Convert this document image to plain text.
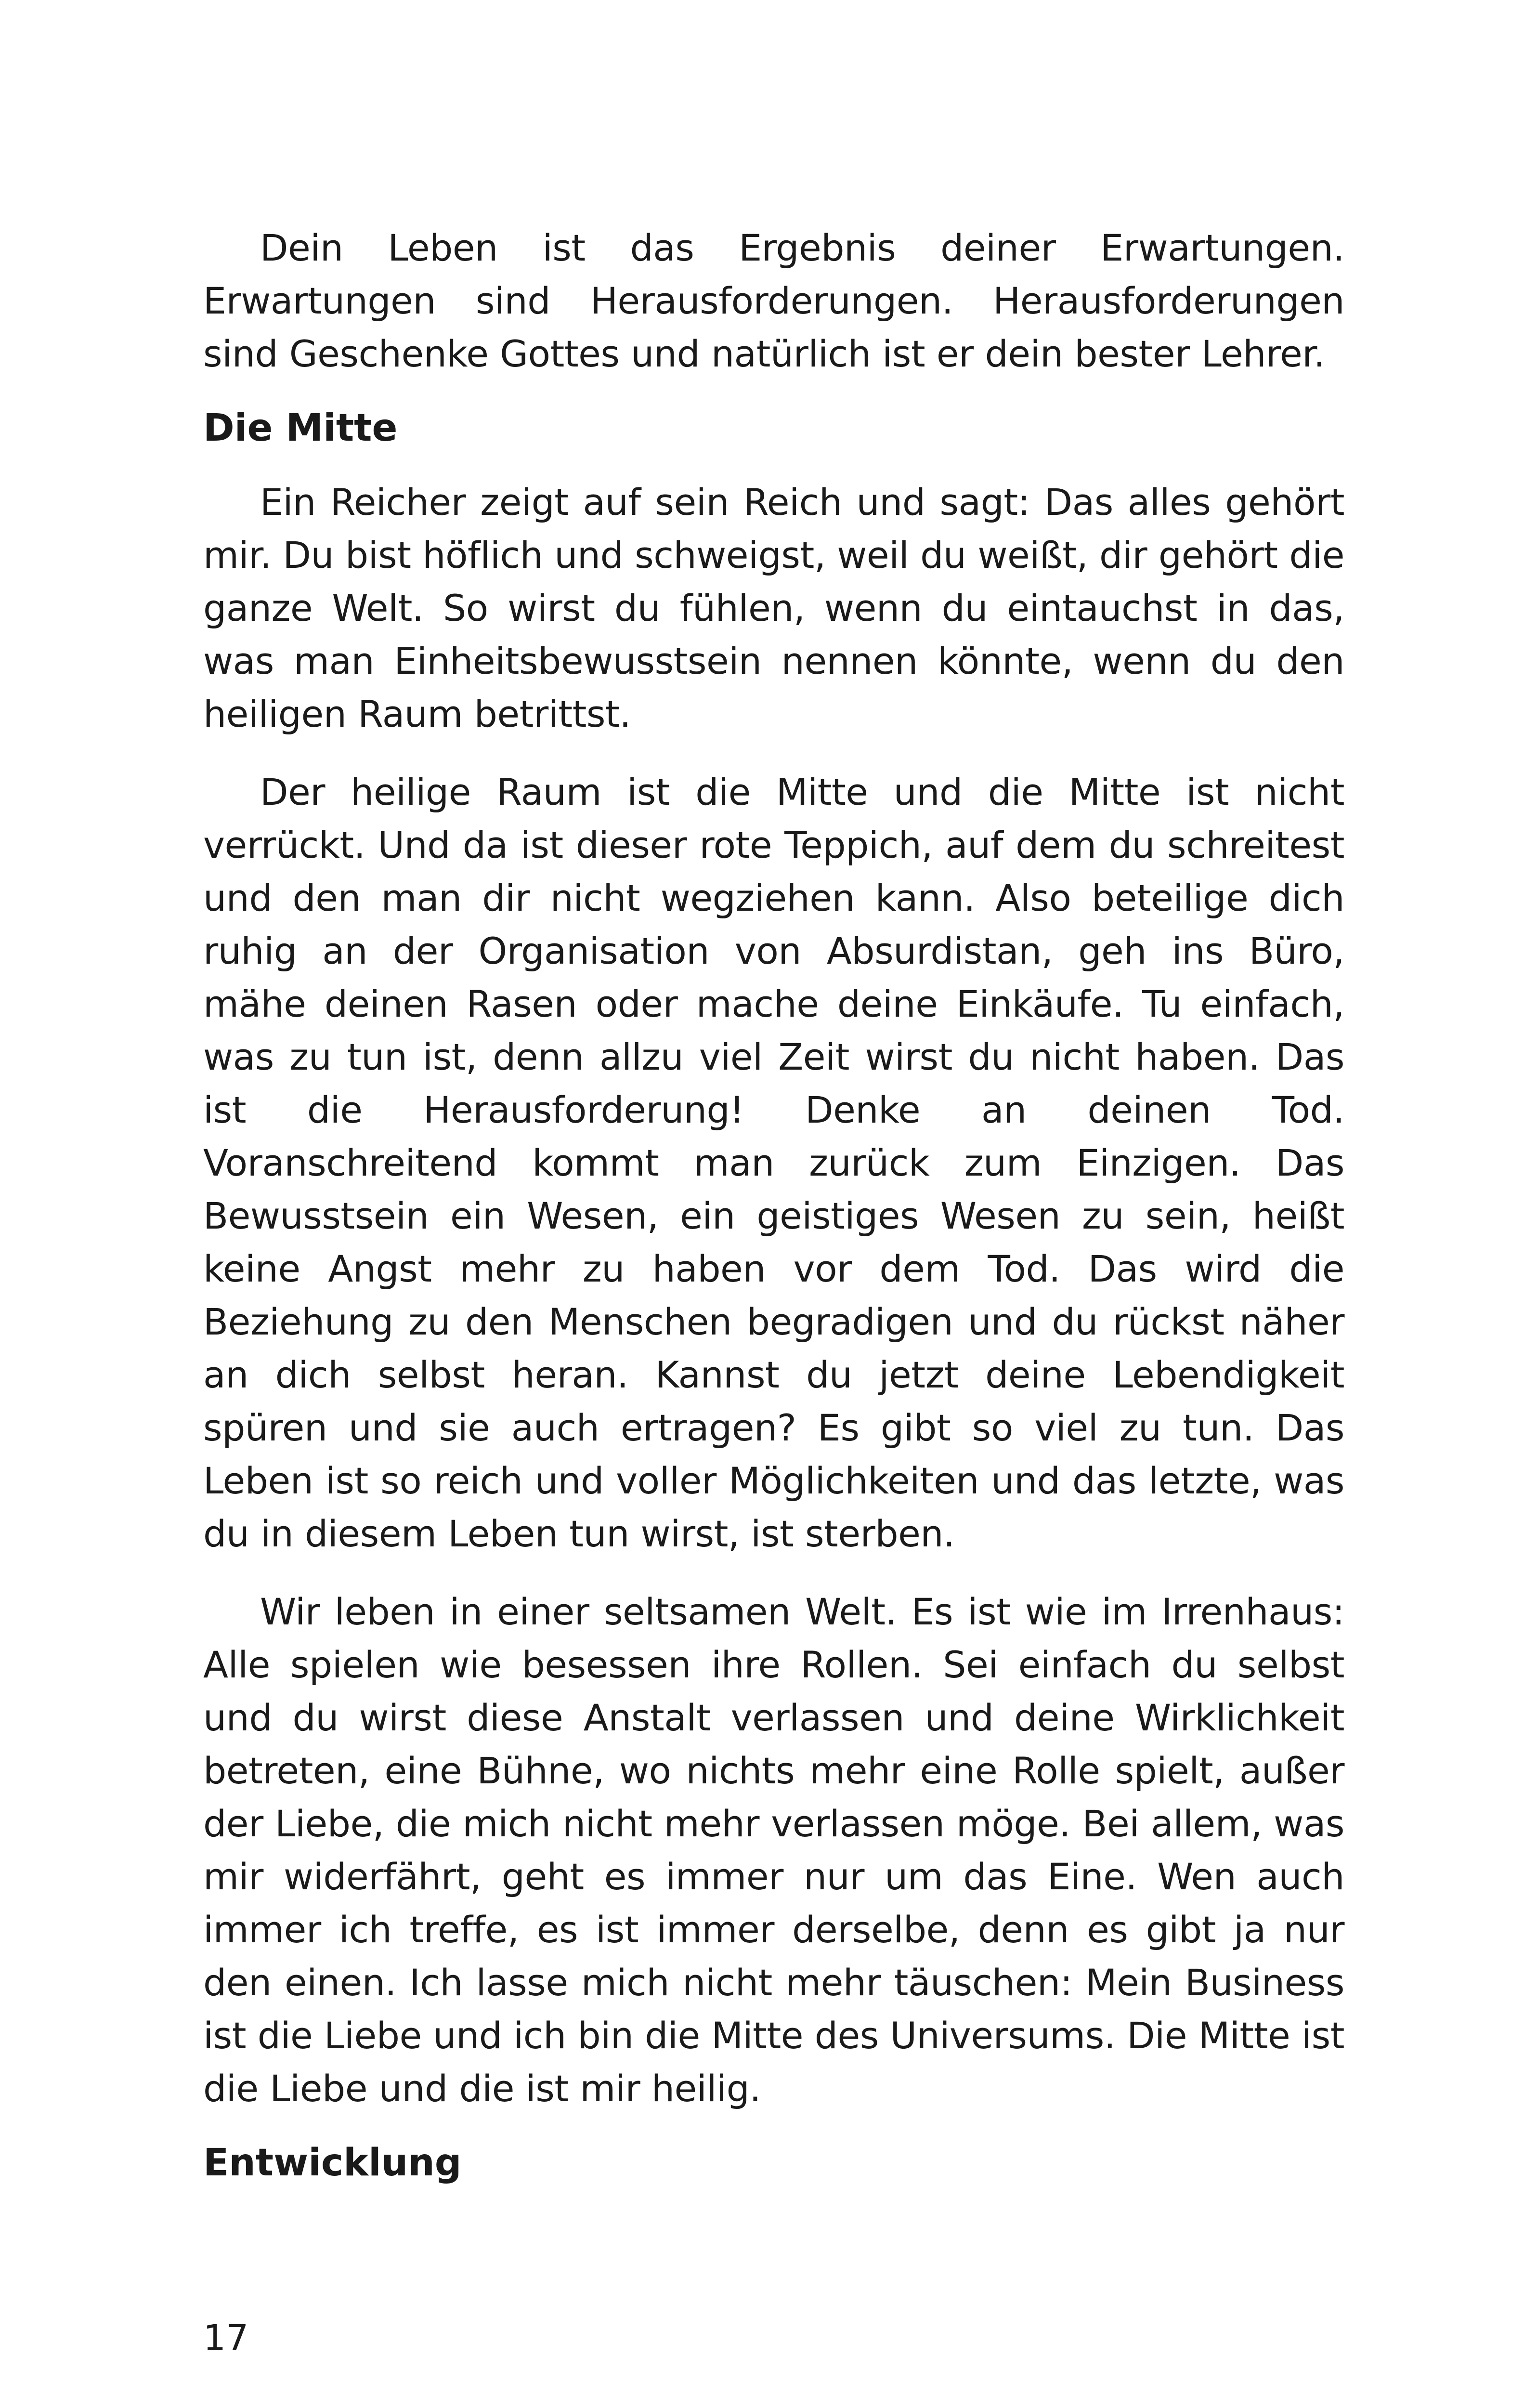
Dein Leben ist das Ergebnis deiner Erwartungen. Erwartungen sind Herausforderungen. Herausforderungen sind Geschenke Gottes und natürlich ist er dein bester Lehrer.

Die Mitte

Ein Reicher zeigt auf sein Reich und sagt: Das alles gehört mir. Du bist höflich und schweigst, weil du weißt, dir gehört die ganze Welt. So wirst du fühlen, wenn du eintauchst in das, was man Einheitsbewusstsein nennen könnte, wenn du den heiligen Raum betrittst.

Der heilige Raum ist die Mitte und die Mitte ist nicht verrückt. Und da ist dieser rote Teppich, auf dem du schreitest und den man dir nicht wegziehen kann. Also beteilige dich ruhig an der Organisation von Absurdistan, geh ins Büro, mähe deinen Rasen oder mache deine Einkäufe. Tu einfach, was zu tun ist, denn allzu viel Zeit wirst du nicht haben. Das ist die Herausforderung! Denke an deinen Tod. Voranschreitend kommt man zurück zum Einzigen. Das Bewusstsein ein Wesen, ein geistiges Wesen zu sein, heißt keine Angst mehr zu haben vor dem Tod. Das wird die Beziehung zu den Menschen begradigen und du rückst näher an dich selbst heran. Kannst du jetzt deine Lebendigkeit spüren und sie auch ertragen? Es gibt so viel zu tun. Das Leben ist so reich und voller Möglichkeiten und das letzte, was du in diesem Leben tun wirst, ist sterben.

Wir leben in einer seltsamen Welt. Es ist wie im Irrenhaus: Alle spielen wie besessen ihre Rollen. Sei einfach du selbst und du wirst diese Anstalt verlassen und deine Wirklichkeit betreten, eine Bühne, wo nichts mehr eine Rolle spielt, außer der Liebe, die mich nicht mehr verlassen möge. Bei allem, was mir widerfährt, geht es immer nur um das Eine. Wen auch immer ich treffe, es ist immer derselbe, denn es gibt ja nur den einen. Ich lasse mich nicht mehr täuschen: Mein Business ist die Liebe und ich bin die Mitte des Universums. Die Mitte ist die Liebe und die ist mir heilig.

Entwicklung
17
